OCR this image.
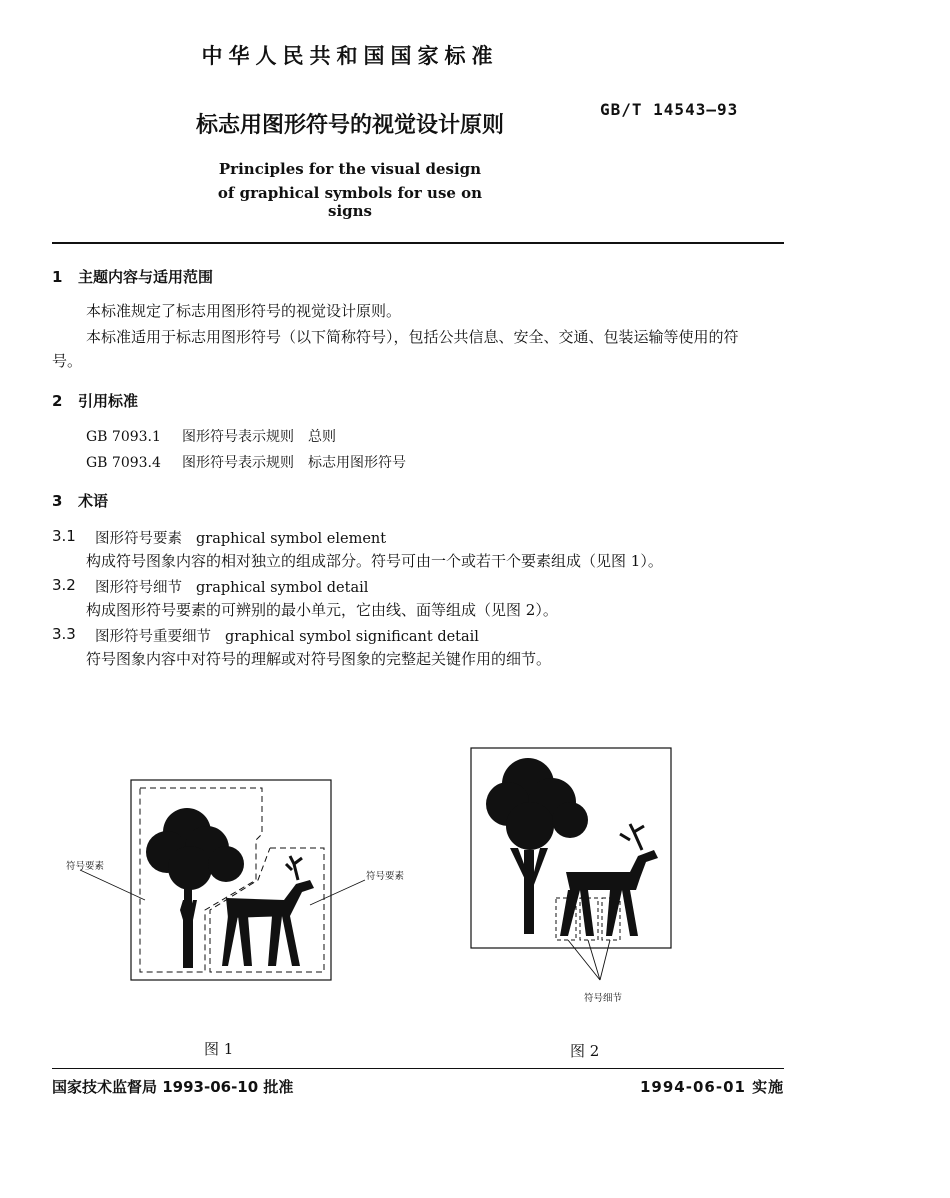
中华人民共和国国家标准
标志用图形符号的视觉设计原则
GB/T 14543—93
Principles for the visual design
of graphical symbols for use on signs
1 主题内容与适用范围
本标准规定了标志用图形符号的视觉设计原则。
本标准适用于标志用图形符号（以下简称符号），包括公共信息、安全、交通、包装运输等使用的符
号。
2 引用标准
GB 7093.1 图形符号表示规则　总则
GB 7093.4 图形符号表示规则　标志用图形符号
3 术语
3.1 图形符号要素 graphical symbol element
构成符号图象内容的相对独立的组成部分。符号可由一个或若干个要素组成（见图 1）。
3.2 图形符号细节 graphical symbol detail
构成图形符号要素的可辨别的最小单元，它由线、面等组成（见图 2）。
3.3 图形符号重要细节 graphical symbol significant detail
符号图象内容中对符号的理解或对符号图象的完整起关键作用的细节。
符号要素
符号要素
图 1
符号细节
图 2
国家技术监督局 1993-06-10 批准	1994-06-01 实施
